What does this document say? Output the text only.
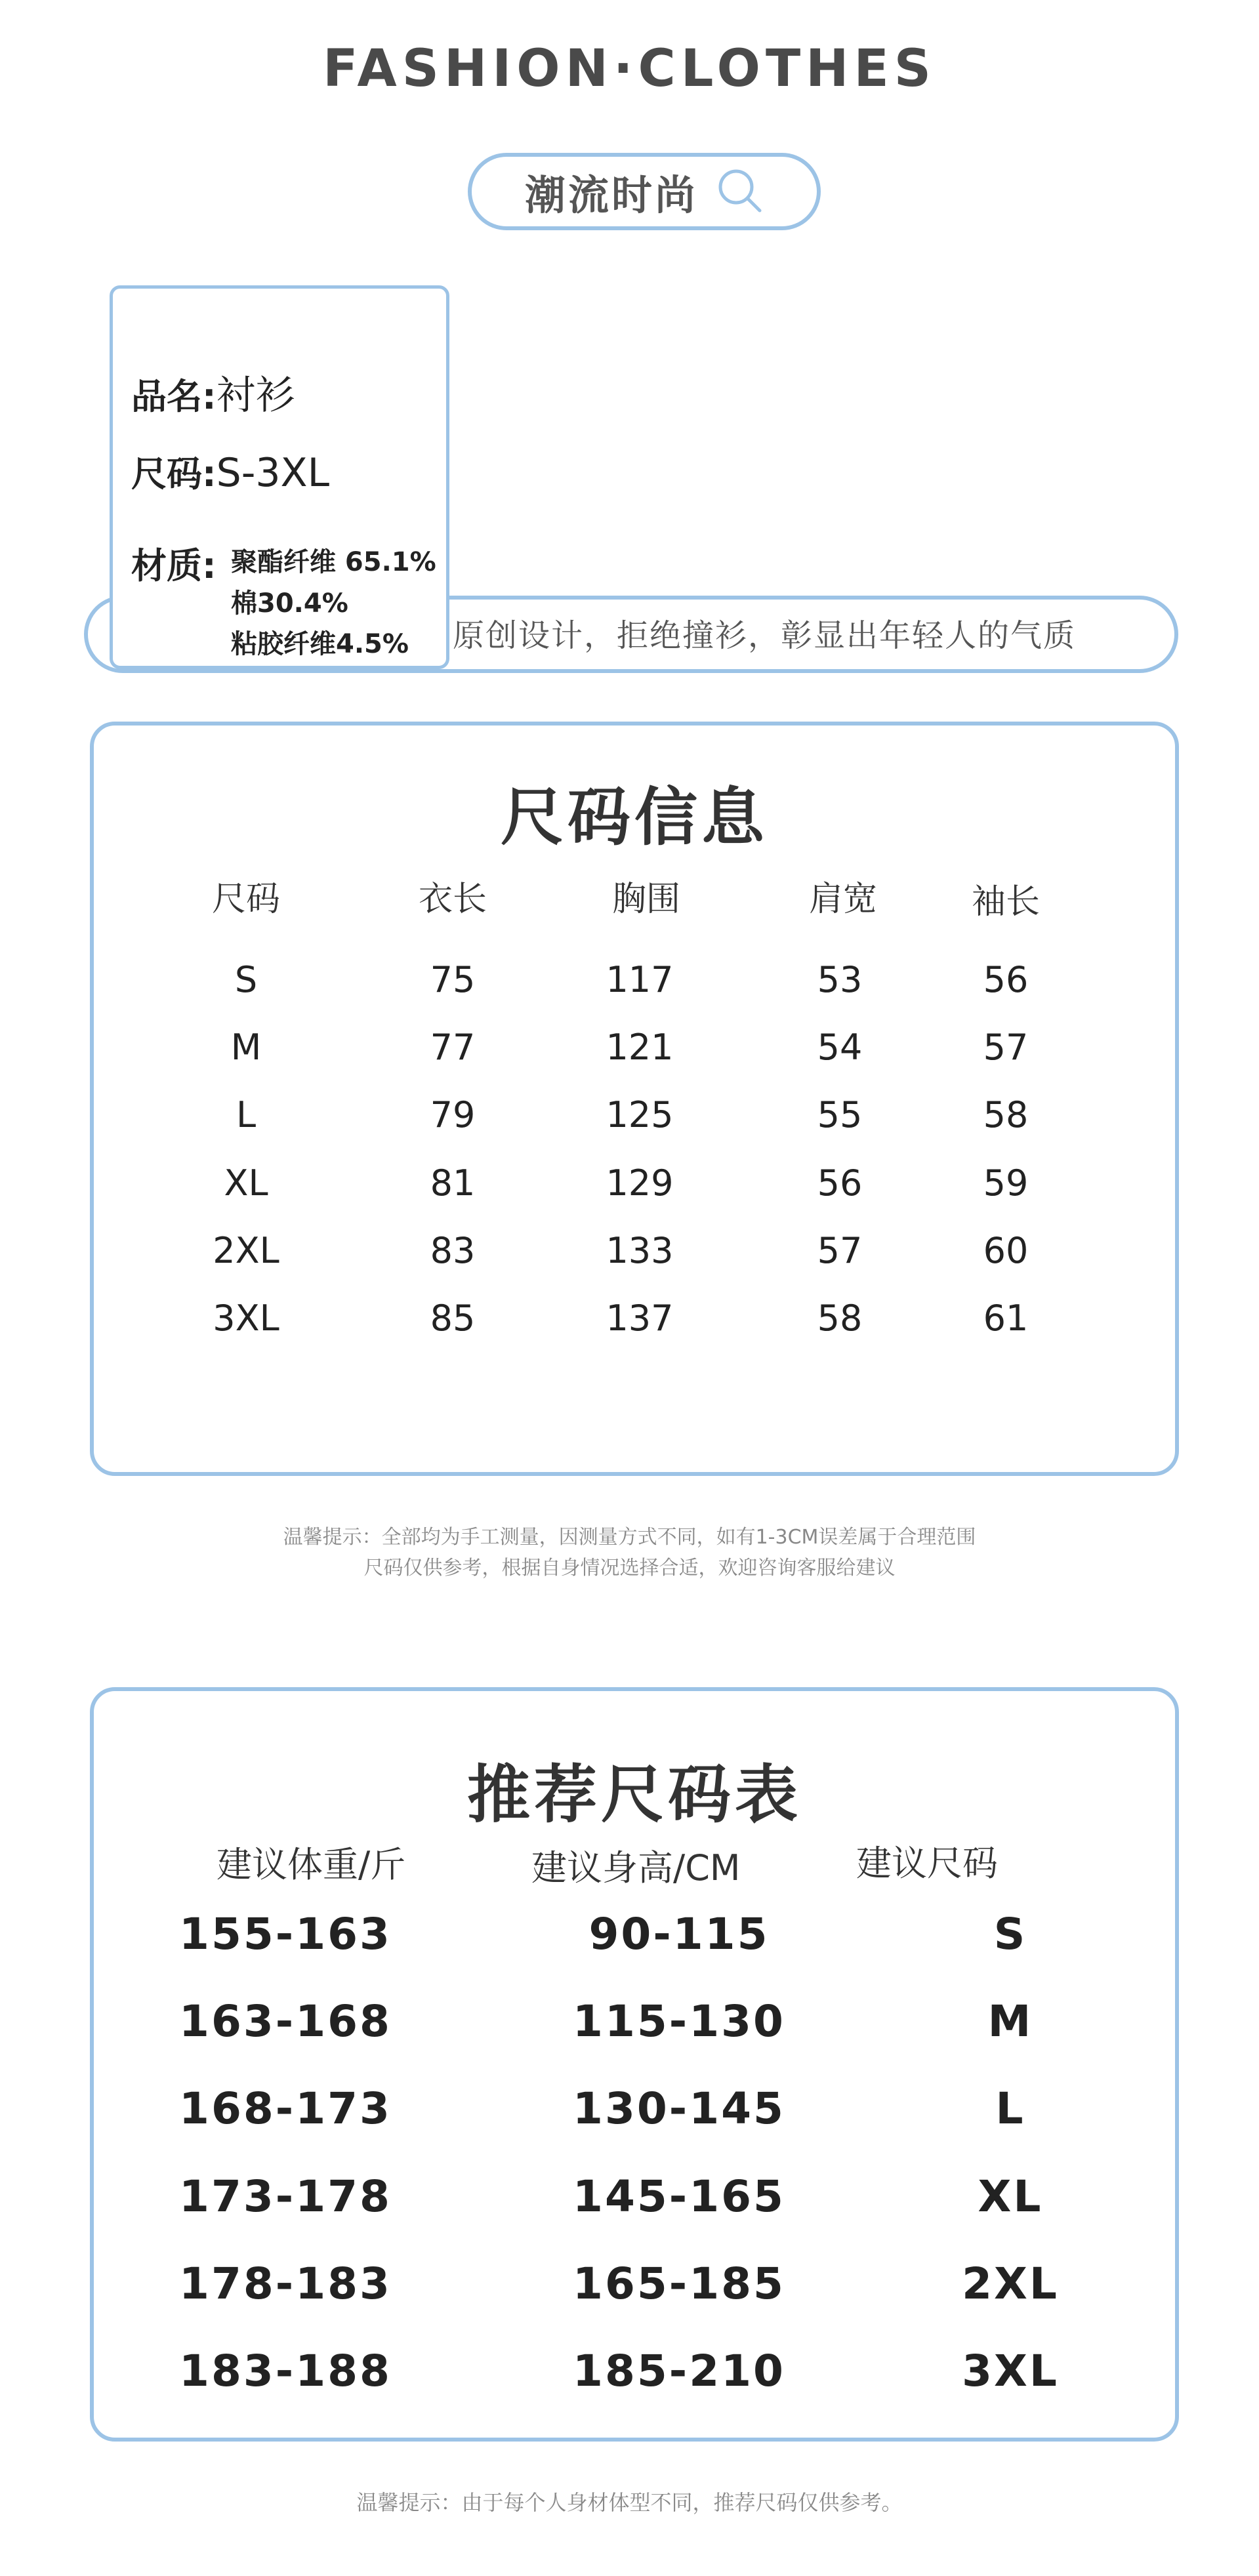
FASHION·CLOTHES
潮流时尚
原创设计，拒绝撞衫，彰显出年轻人的气质
品名:衬衫
尺码:S-3XL
材质: 聚酯纤维 65.1%
棉30.4%
粘胶纤维4.5%
尺码信息
尺码	衣长	胸围	肩宽	袖长
S	75	117	53	56
M	77	121	54	57
L	79	125	55	58
XL	81	129	56	59
2XL	83	133	57	60
3XL	85	137	58	61
温馨提示：全部均为手工测量，因测量方式不同，如有1-3CM误差属于合理范围
尺码仅供参考，根据自身情况选择合适，欢迎咨询客服给建议
推荐尺码表
建议体重/斤	建议身高/CM	建议尺码
155-163	90-115	S
163-168	115-130	M
168-173	130-145	L
173-178	145-165	XL
178-183	165-185	2XL
183-188	185-210	3XL
温馨提示：由于每个人身材体型不同，推荐尺码仅供参考。
